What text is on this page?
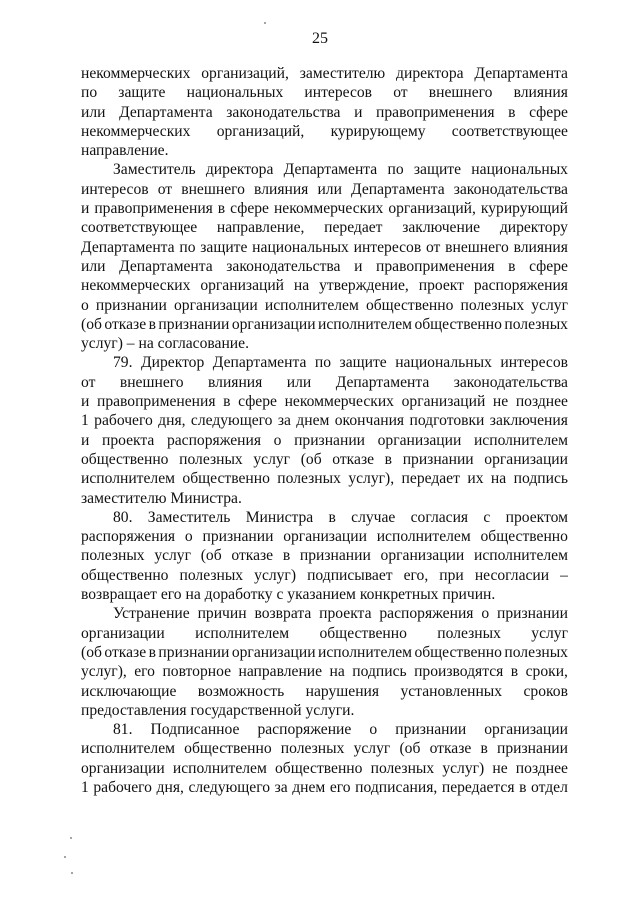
25
некоммерческих организаций, заместителю директора Департамента
по защите национальных интересов от внешнего влияния
или Департамента законодательства и правоприменения в сфере
некоммерческих организаций, курирующему соответствующее
направление.
Заместитель директора Департамента по защите национальных
интересов от внешнего влияния или Департамента законодательства
и правоприменения в сфере некоммерческих организаций, курирующий
соответствующее направление, передает заключение директору
Департамента по защите национальных интересов от внешнего влияния
или Департамента законодательства и правоприменения в сфере
некоммерческих организаций на утверждение, проект распоряжения
о признании организации исполнителем общественно полезных услуг
(об отказе в признании организации исполнителем общественно полезных
услуг) – на согласование.
79. Директор Департамента по защите национальных интересов
от внешнего влияния или Департамента законодательства
и правоприменения в сфере некоммерческих организаций не позднее
1 рабочего дня, следующего за днем окончания подготовки заключения
и проекта распоряжения о признании организации исполнителем
общественно полезных услуг (об отказе в признании организации
исполнителем общественно полезных услуг), передает их на подпись
заместителю Министра.
80. Заместитель Министра в случае согласия с проектом
распоряжения о признании организации исполнителем общественно
полезных услуг (об отказе в признании организации исполнителем
общественно полезных услуг) подписывает его, при несогласии –
возвращает его на доработку с указанием конкретных причин.
Устранение причин возврата проекта распоряжения о признании
организации исполнителем общественно полезных услуг
(об отказе в признании организации исполнителем общественно полезных
услуг), его повторное направление на подпись производятся в сроки,
исключающие возможность нарушения установленных сроков
предоставления государственной услуги.
81. Подписанное распоряжение о признании организации
исполнителем общественно полезных услуг (об отказе в признании
организации исполнителем общественно полезных услуг) не позднее
1 рабочего дня, следующего за днем его подписания, передается в отдел
